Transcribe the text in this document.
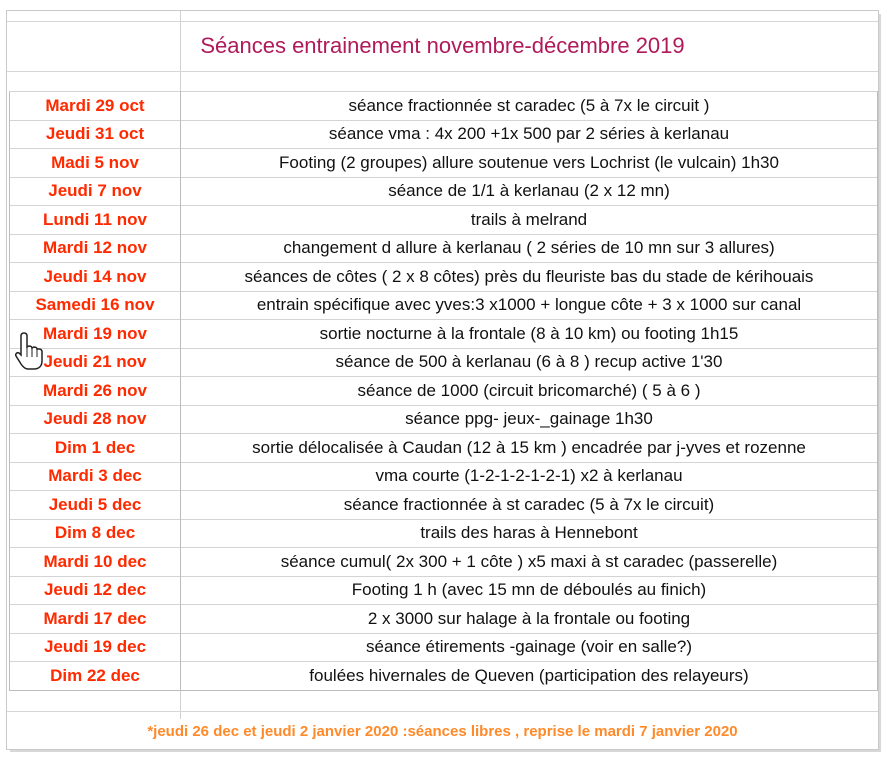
Séances entrainement novembre-décembre 2019
Mardi 29 oct	séance fractionnée st caradec (5 à 7x le circuit )
Jeudi 31 oct	séance vma : 4x 200 +1x 500 par 2 séries à kerlanau
Madi 5 nov	Footing (2 groupes) allure soutenue vers Lochrist (le vulcain) 1h30
Jeudi 7 nov	séance de 1/1 à kerlanau (2 x 12 mn)
Lundi 11 nov	trails à melrand
Mardi 12 nov	changement d allure à kerlanau ( 2 séries de 10 mn sur 3 allures)
Jeudi 14 nov	séances de côtes ( 2 x 8 côtes) près du fleuriste bas du stade de kérihouais
Samedi 16 nov	entrain spécifique avec yves:3 x1000 + longue côte + 3 x 1000 sur canal
Mardi 19 nov	sortie nocturne à la frontale (8 à 10 km) ou footing 1h15
Jeudi 21 nov	séance de 500 à kerlanau (6 à 8 ) recup active 1'30
Mardi 26 nov	séance de 1000 (circuit bricomarché) ( 5 à 6 )
Jeudi 28 nov	séance ppg- jeux-_gainage 1h30
Dim 1 dec	sortie délocalisée à Caudan (12 à 15 km ) encadrée par j-yves et rozenne
Mardi 3 dec	vma courte (1-2-1-2-1-2-1) x2 à kerlanau
Jeudi 5 dec	séance fractionnée à st caradec (5 à 7x le circuit)
Dim 8 dec	trails des haras à Hennebont
Mardi 10 dec	séance cumul( 2x 300 + 1 côte ) x5 maxi à st caradec (passerelle)
Jeudi 12 dec	Footing 1 h (avec 15 mn de déboulés au finich)
Mardi 17 dec	2 x 3000 sur halage à la frontale ou footing
Jeudi 19 dec	séance étirements -gainage (voir en salle?)
Dim 22 dec	foulées hivernales de Queven (participation des relayeurs)
*jeudi 26 dec et jeudi 2 janvier 2020 :séances libres , reprise le mardi 7 janvier 2020
